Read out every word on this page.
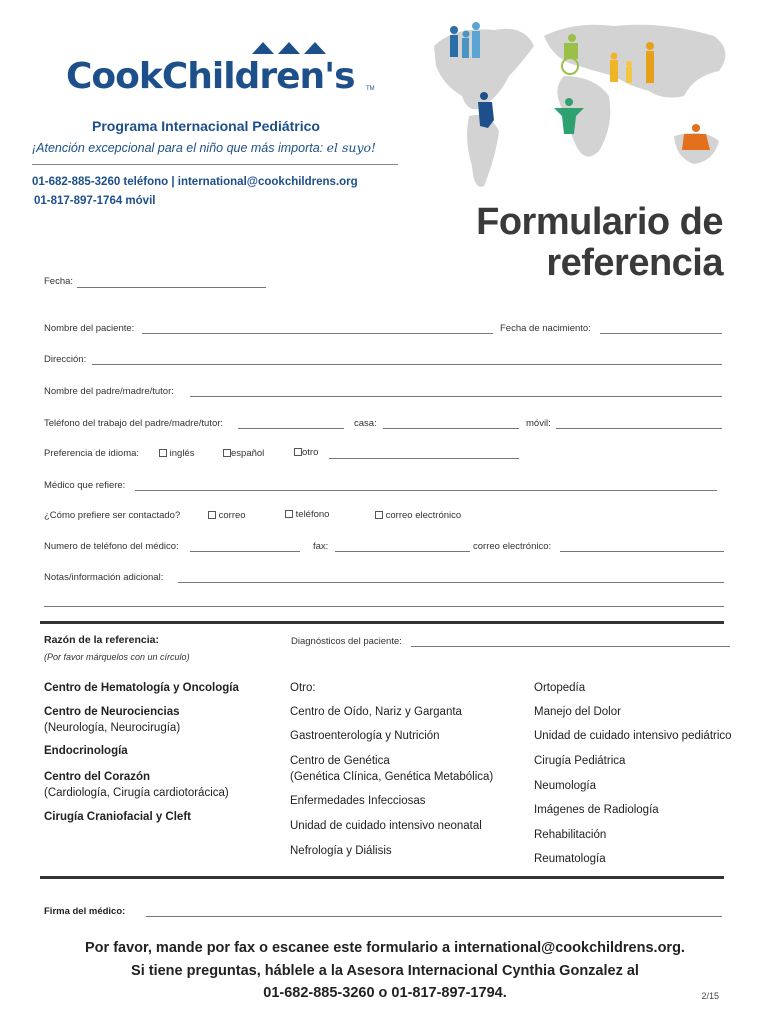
CookChildren's TM
Programa Internacional Pediátrico
¡Atención excepcional para el niño que más importa: el suyo!
01-682-885-3260 teléfono | international@cookchildrens.org
01-817-897-1764 móvil	Formulario de
referencia
Fecha:
Nombre del paciente:	Fecha de nacimiento:
Dirección:
Nombre del padre/madre/tutor:
Teléfono del trabajo del padre/madre/tutor:	casa:	móvil:
Preferencia de idioma:	inglés	español	otro
Médico que refiere:
¿Cómo prefiere ser contactado?	correo	teléfono	correo electrónico
Numero de teléfono del médico:	fax:	correo electrónico:
Notas/información adicional:
Razón de la referencia:
(Por favor márquelos con un círculo)
Diagnósticos del paciente:
Centro de Hematología y Oncología
Centro de Neurociencias
(Neurología, Neurocirugía)
Endocrinología
Centro del Corazón
(Cardiología, Cirugía cardiotorácica)
Cirugía Craniofacial y Cleft
Otro:
Centro de Oído, Nariz y Garganta
Gastroenterología y Nutrición
Centro de Genética
(Genética Clínica, Genética Metabólica)
Enfermedades Infecciosas
Unidad de cuidado intensivo neonatal
Nefrología y Diálisis
Ortopedía
Manejo del Dolor
Unidad de cuidado intensivo pediátrico
Cirugía Pediátrica
Neumología
Imágenes de Radiología
Rehabilitación
Reumatología
Firma del médico:
Por favor, mande por fax o escanee este formulario a international@cookchildrens.org.
Si tiene preguntas, háblele a la Asesora Internacional Cynthia Gonzalez al
01-682-885-3260 o 01-817-897-1794.	2/15
